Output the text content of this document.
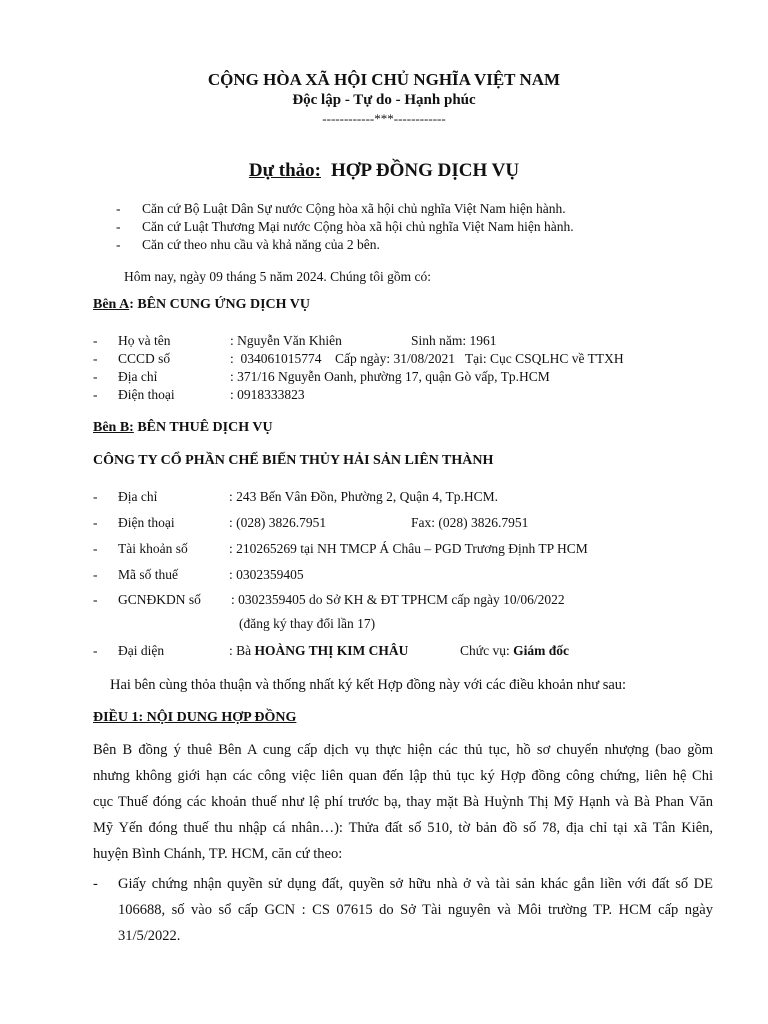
CỘNG HÒA XÃ HỘI CHỦ NGHĨA VIỆT NAM
Độc lập - Tự do - Hạnh phúc
------------***------------
Dự thảo: HỢP ĐỒNG DỊCH VỤ
- Căn cứ Bộ Luật Dân Sự nước Cộng hòa xã hội chủ nghĩa Việt Nam hiện hành.
- Căn cứ Luật Thương Mại nước Cộng hòa xã hội chủ nghĩa Việt Nam hiện hành.
- Căn cứ theo nhu cầu và khả năng của 2 bên.
Hôm nay, ngày 09 tháng 5 năm 2024. Chúng tôi gồm có:
Bên A: BÊN CUNG ỨNG DỊCH VỤ
- Họ và tên	: Nguyễn Văn Khiên	Sinh năm: 1961
- CCCD số	:  034061015774    Cấp ngày: 31/08/2021   Tại: Cục CSQLHC về TTXH
- Địa chỉ	: 371/16 Nguyễn Oanh, phường 17, quận Gò vấp, Tp.HCM
- Điện thoại	: 0918333823
Bên B: BÊN THUÊ DỊCH VỤ
CÔNG TY CỔ PHẦN CHẾ BIẾN THỦY HẢI SẢN LIÊN THÀNH
- Địa chỉ	: 243 Bến Vân Đồn, Phường 2, Quận 4, Tp.HCM.
- Điện thoại	: (028) 3826.7951	Fax: (028) 3826.7951
- Tài khoản số	: 210265269 tại NH TMCP Á Châu – PGD Trương Định TP HCM
- Mã số thuế	: 0302359405
- GCNĐKDN số : 0302359405 do Sở KH & ĐT TPHCM cấp ngày 10/06/2022
(đăng ký thay đổi lần 17)
- Đại diện	: Bà HOÀNG THỊ KIM CHÂU	Chức vụ: Giám đốc
Hai bên cùng thỏa thuận và thống nhất ký kết Hợp đồng này với các điều khoản như sau:
ĐIỀU 1: NỘI DUNG HỢP ĐỒNG
Bên B đồng ý thuê Bên A cung cấp dịch vụ thực hiện các thủ tục, hồ sơ chuyển nhượng (bao gồm
nhưng không giới hạn các công việc liên quan đến lập thủ tục ký Hợp đồng công chứng, liên hệ Chi
cục Thuế đóng các khoản thuế như lệ phí trước bạ, thay mặt Bà Huỳnh Thị Mỹ Hạnh và Bà Phan Văn
Mỹ Yến đóng thuế thu nhập cá nhân…): Thửa đất số 510, tờ bản đồ số 78, địa chỉ tại xã Tân Kiên,
huyện Bình Chánh, TP. HCM, căn cứ theo:
- Giấy chứng nhận quyền sử dụng đất, quyền sở hữu nhà ở và tài sản khác gắn liền với đất số DE
106688, số vào sổ cấp GCN : CS 07615 do Sở Tài nguyên và Môi trường TP. HCM cấp ngày
31/5/2022.
